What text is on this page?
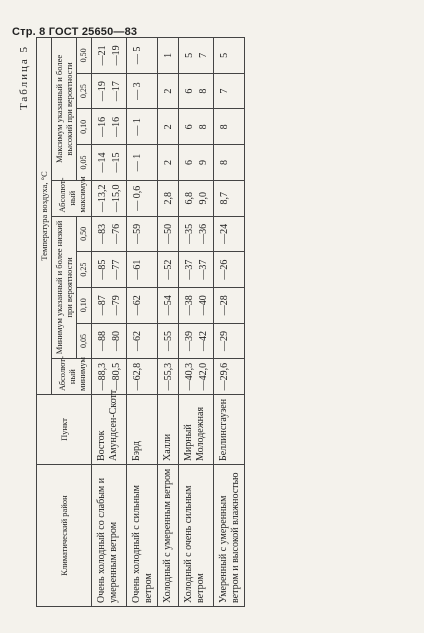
Стр. 8 ГОСТ 25650—83
Таблица 5
Климатический район	Пункт	Температура воздуха, °С									
		Абсолют- ный минимум	Минимум указанный и более низкий при вероятности				Абсолют- ный максимум	Максимум указанный и более высокий при вероятности			
			0,05	0,10	0,25	0,50		0,05	0,10	0,25	0,50
Очень холодный со слабым и умеренным ветром	Восток Амундсен-Скотт	—88,3 —80,5	—88 —80	—87 —79	—85 —77	—83 —76	—13,2 —15,0	—14 —15	—16 —16	—19 —17	—21 —19

Очень холодный с сильным ветром	Бэрд	—62,8	—62	—62	—61	—59	— 0,6	— 1	— 1	— 3	— 5

Холодный с умеренным ветром	Халли	—55,3	—55	—54	—52	—50	2,8	2	2	2	1

Холодный с очень сильным ветром	Мирный Молодежная	—40,3 —42,0	—39 —42	—38 —40	—37 —37	—35 —36	6,8 9,0	6 9	6 8	6 8	5 7

Умеренный с умеренным ветром и высокой влажностью	Беллинсгаузен	—29,6	—29	—28	—26	—24	8,7	8	8	7	5
